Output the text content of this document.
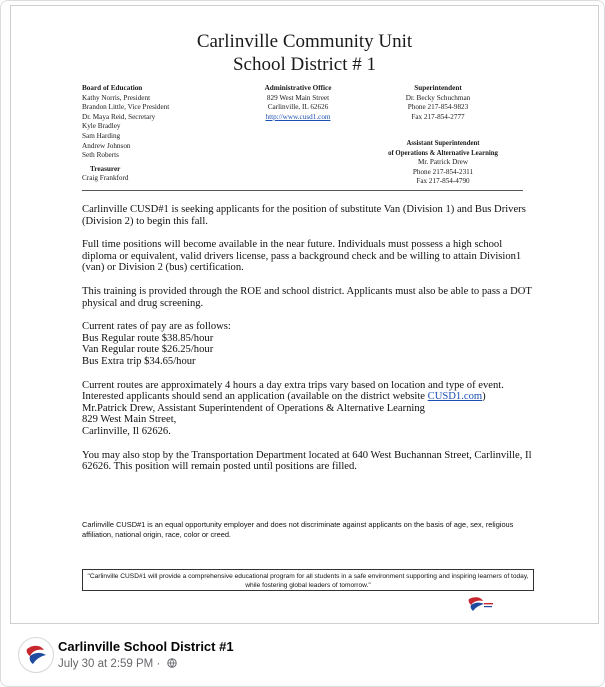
Carlinville Community Unit
School District # 1
Board of Education
Kathy Norris, President
Brandon Little, Vice President
Dr. Maya Reid, Secretary
Kyle Bradley
Sam Harding
Andrew Johnson
Seth Roberts
Treasurer
Craig Frankford
Administrative Office
829 West Main Street
Carlinville, IL 62626
http://www.cusd1.com
Superintendent
Dr. Becky Schuchman
Phone 217-854-9823
Fax 217-854-2777
Assistant Superintendent
of Operations & Alternative Learning
Mr. Patrick Drew
Phone 217-854-2311
Fax 217-854-4790

Carlinville CUSD#1 is seeking applicants for the position of substitute Van (Division 1) and Bus Drivers (Division 2) to begin this fall.

Full time positions will become available in the near future. Individuals must possess a high school diploma or equivalent, valid drivers license, pass a background check and be willing to attain Division1 (van) or Division 2 (bus) certification.

This training is provided through the ROE and school district. Applicants must also be able to pass a DOT physical and drug screening.

Current rates of pay are as follows:
Bus Regular route $38.85/hour
Van Regular route $26.25/hour
Bus Extra trip $34.65/hour
Current routes are approximately 4 hours a day extra trips vary based on location and type of event.
Interested applicants should send an application (available on the district website CUSD1.com)
Mr.Patrick Drew, Assistant Superintendent of Operations & Alternative Learning
829 West Main Street,
Carlinville, Il 62626.

You may also stop by the Transportation Department located at 640 West Buchannan Street, Carlinville, Il 62626. This position will remain posted until positions are filled.

Carlinville CUSD#1 is an equal opportunity employer and does not discriminate against applicants on the basis of age, sex, religious affiliation, national origin, race, color or creed.
"Carlinville CUSD#1 will provide a comprehensive educational program for all students in a safe environment supporting and inspiring learners of today, while fostering global leaders of tomorrow."
Carlinville School District #1
July 30 at 2:59 PM ·
